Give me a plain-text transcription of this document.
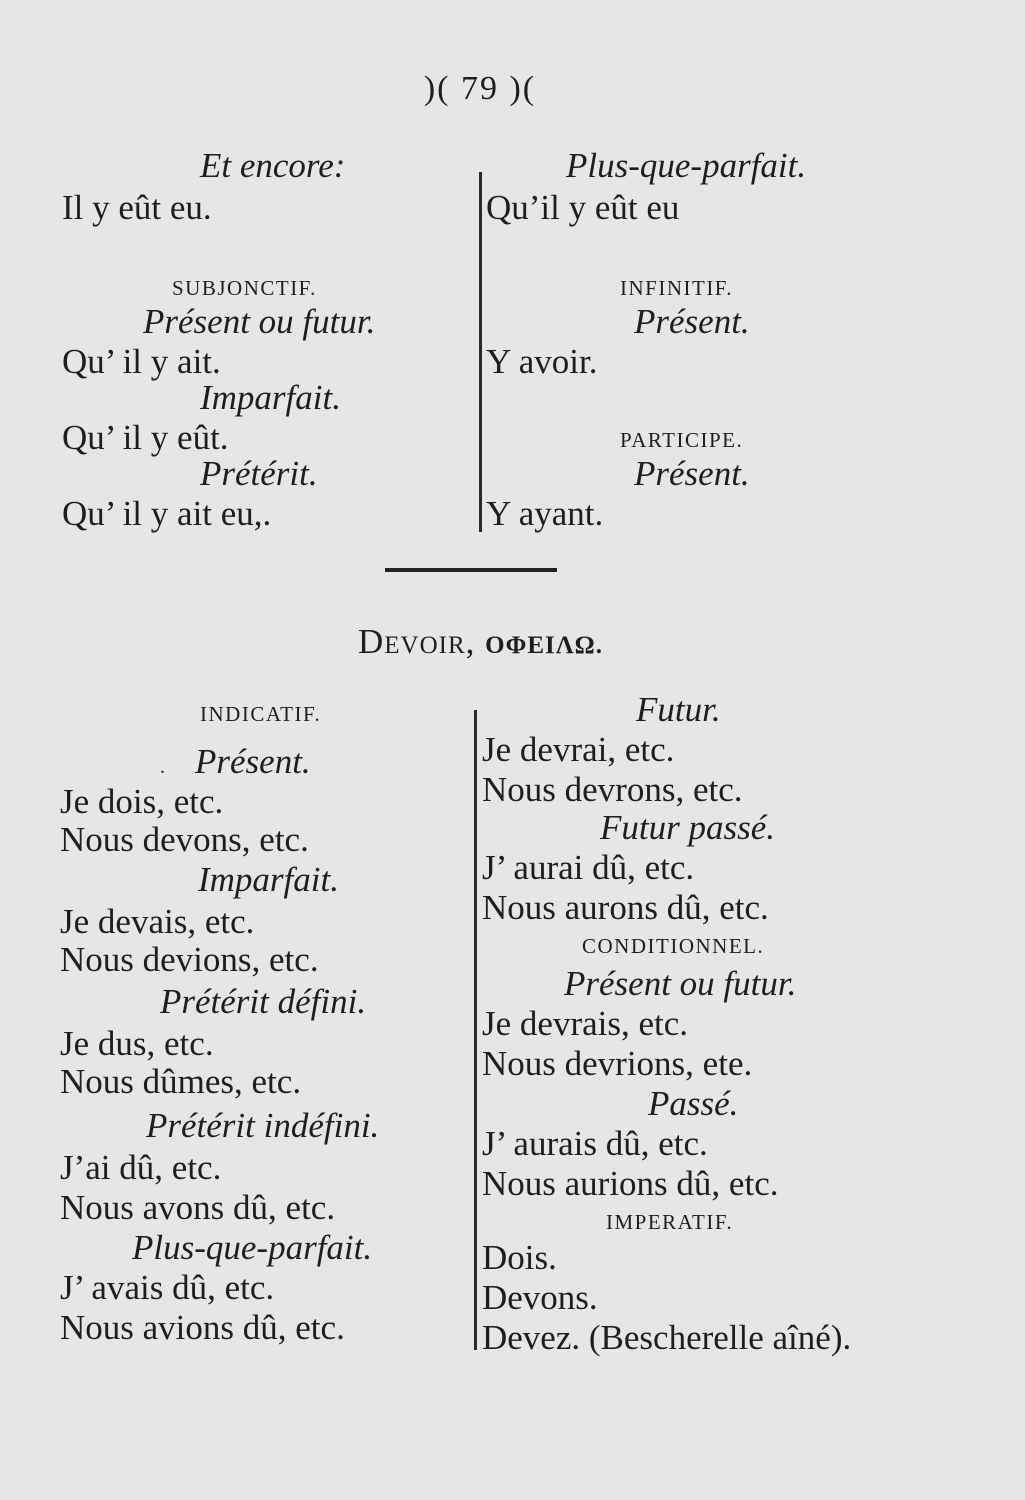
)( 79 )(
Et encore:
Il y eût eu.
SUBJONCTIF.
Présent ou futur.
Qu’ il y ait.
Imparfait.
Qu’ il y eût.
Prétérit.
Qu’ il y ait eu,.
Plus-que-parfait.
Qu’il y eût eu
INFINITIF.
Présent.
Y avoir.
PARTICIPE.
Présent.
Y ayant.
DEVOIR, ΟΦΕΙΛΩ.
INDICATIF.
. Présent.
Je dois, etc.
Nous devons, etc.
Imparfait.
Je devais, etc.
Nous devions, etc.
Prétérit défini.
Je dus, etc.
Nous dûmes, etc.
Prétérit indéfini.
J’ai dû, etc.
Nous avons dû, etc.
Plus-que-parfait.
J’ avais dû, etc.
Nous avions dû, etc.
Futur.
Je devrai, etc.
Nous devrons, etc.
Futur passé.
J’ aurai dû, etc.
Nous aurons dû, etc.
CONDITIONNEL.
Présent ou futur.
Je devrais, etc.
Nous devrions, ete.
Passé.
J’ aurais dû, etc.
Nous aurions dû, etc.
IMPERATIF.
Dois.
Devons.
Devez. (Bescherelle aîné).
